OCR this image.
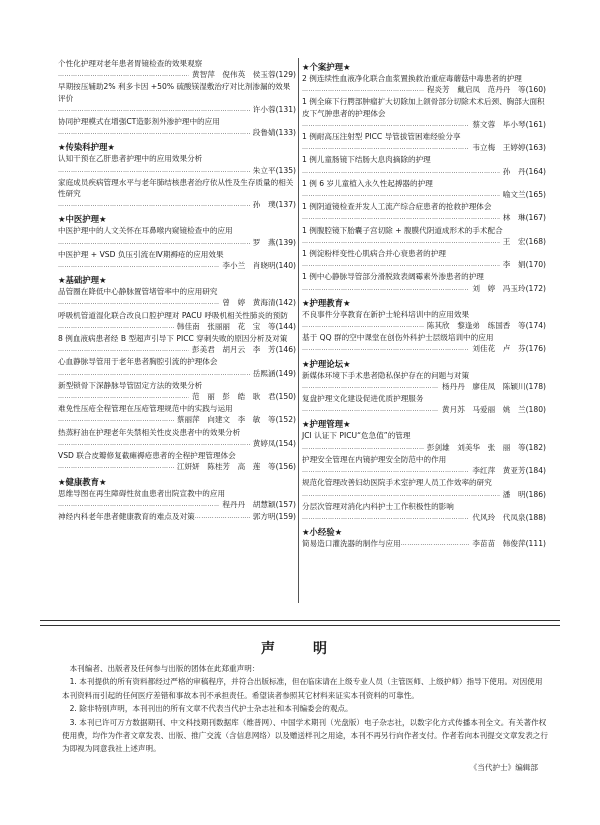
个性化护理对老年患者胃镜检查的效果观察
………………………………………………………………………………………………………………………………
黄智萍　倪伟英　侯玉蓉(129)
早期按压辅助2% 利多卡因 +50% 硫酸镁湿敷治疗对比剂渗漏的效果评价
………………………………………………………………………………………………………………………………
许小蓉(131)
协同护理模式在增强CT造影剂外渗护理中的应用
………………………………………………………………………………………………………………………………
段鲁婧(133)
★传染科护理★
认知干预在乙肝患者护理中的应用效果分析
………………………………………………………………………………………………………………………………
朱立平(135)
家庭成员疾病管理水平与老年肺结核患者治疗依从性及生存质量的相关性研究
………………………………………………………………………………………………………………………………
孙　璞(137)
★中医护理★
中医护理中的人文关怀在耳鼻喉内窥镜检查中的应用
………………………………………………………………………………………………………………………………
罗　燕(139)
中医护理 + VSD 负压引流在Ⅳ期褥疮的应用效果
………………………………………………………………………………………………………………………………
李小兰　肖晓明(140)
★基础护理★
品管圈在降低中心静脉置管堵管率中的应用研究
………………………………………………………………………………………………………………………………
曾　婷　黄海清(142)
呼吸机管道湿化联合改良口腔护理对 PACU 呼吸机相关性肺炎的预防
………………………………………………………………………………………………………………………………
韩佳南　张丽丽　花　宝　等(144)
8 例血液病患者经 B 型超声引导下 PICC 穿刺失败的原因分析及对策
………………………………………………………………………………………………………………………………
彭美君　胡月云　李　芳(146)
心血静脉导管用于老年患者胸腔引流的护理体会
………………………………………………………………………………………………………………………………
岳熙涵(149)
新型锁骨下深静脉导管固定方法的效果分析
………………………………………………………………………………………………………………………………
范　丽　彭　皓　耿　君(150)
难免性压疮全程管理在压疮管理规范中的实践与运用
………………………………………………………………………………………………………………………………
蔡丽萍　向建文　李　敏　等(152)
热蒸籽油在护理老年失禁相关性皮炎患者中的效果分析
………………………………………………………………………………………………………………………………
黄婷凤(154)
VSD 联合皮瓣修复截瘫褥疮患者的全程护理管理体会
………………………………………………………………………………………………………………………………
江妍妍　陈桂芳　高　莲　等(156)
★健康教育★
思维导图在再生障碍性贫血患者出院宣教中的应用
………………………………………………………………………………………………………………………………
程丹丹　胡慧颖(157)
神经内科老年患者健康教育的难点及对策 ………………………………………………………………………………………………………………………………	郭方明(159)
★个案护理★
2 例连续性血液净化联合血浆置换救治重症毒蘑菇中毒患者的护理
………………………………………………………………………………………………………………………………
程炎芳　戴启凤　范丹丹　等(160)
1 例全麻下行腭部肿瘤扩大切除加上颌骨部分切除术术后颈、胸部大面积皮下气肿患者的护理体会
………………………………………………………………………………………………………………………………
蔡文蓉　毕小琴(161)
1 例耐高压注射型 PICC 导管拔管困难经验分享
………………………………………………………………………………………………………………………………
韦立梅　王婷婷(163)
1 例儿童肠镜下结肠大息肉摘除的护理
………………………………………………………………………………………………………………………………
孙　丹(164)
1 例 6 岁儿童植入永久性起搏器的护理
………………………………………………………………………………………………………………………………
喻文兰(165)
1 例阴道镜检查并发人工流产综合症患者的抢救护理体会
………………………………………………………………………………………………………………………………
林　琳(167)
1 例腹腔镜下胎囊子宫切除 + 腹膜代阴道成形术的手术配合
………………………………………………………………………………………………………………………………
王　宏(168)
1 例淀粉样变性心肌病合并心衰患者的护理
………………………………………………………………………………………………………………………………
李　娟(170)
1 例中心静脉导管部分滑脱致表阔霉素外渗患者的护理
………………………………………………………………………………………………………………………………
刘　婷　冯玉玲(172)
★护理教育★
不良事件分享教育在新护士轮科培训中的应用效果
………………………………………………………………………………………………………………………………
陈其欣　黎逢弟　练国香　等(174)
基于 QQ 群的空中课堂在创伤外科护士层级培训中的应用
………………………………………………………………………………………………………………………………
刘佳花　卢　芬(176)
★护理论坛★
新媒体环境下手术患者隐私保护存在的问题与对策
………………………………………………………………………………………………………………………………
杨丹丹　廖佳凤　陈颖川(178)
复盘护理文化建设促进优质护理服务
………………………………………………………………………………………………………………………………
黄月苏　马爱丽　姚　兰(180)
★护理管理★
JCI 认证下 PICU“危急值”的管理
………………………………………………………………………………………………………………………………
彭剑雄　刘美华　张　丽　等(182)
护理安全管理在内镜护理安全防范中的作用
………………………………………………………………………………………………………………………………
李红萍　黄亚芳(184)
规范化管理改善妇幼医院手术室护理人员工作效率的研究
………………………………………………………………………………………………………………………………
潘　明(186)
分层次管理对消化内科护士工作积极性的影响
………………………………………………………………………………………………………………………………
代风玲　代凤泉(188)
★小经验★
简易造口灌洗器的制作与应用 ………………………………………………………………………………………………………………………………	李苗苗　韩俊萍(111)
声　明

本刊编者、出版者及任何参与出版的团体在此郑重声明：

1. 本刊提供的所有资料都经过严格的审稿程序，并符合出版标准，但在临床请在上级专业人员（主管医师、上级护师）指导下使用。对因使用本刊资料而引起的任何医疗差错和事故本刊不承担责任。希望读者参照其它材料来证实本刊资料的可靠性。

2. 除非特别声明，本刊刊出的所有文章不代表当代护士杂志社和本刊编委会的观点。

3. 本刊已许可万方数据期刊、中文科技期刊数据库（维普网）、中国学术期刊（光盘版）电子杂志社，以数字化方式传播本刊全文。有关著作权使用费，均作为作者文章发表、出版、推广交流（含信息网络）以及赠送样刊之用途，本刊不再另行向作者支付。作者若向本刊提交文章发表之行为即视为同意我社上述声明。

《当代护士》编辑部
